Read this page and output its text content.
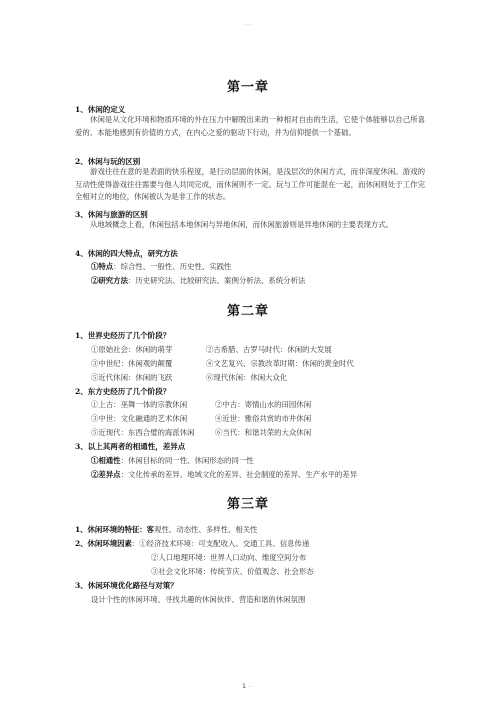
·····
第一章
1、休闲的定义
休闲是从文化环境和物质环境的外在压力中解脱出来的一种相对自由的生活，它使个体能够以自己所喜爱的、本能地感到有价值的方式，在内心之爱的驱动下行动，并为信仰提供一个基础。
2、休闲与玩的区别
游戏往往在意的是表面的快乐程度，是行动层面的休闲，是浅层次的休闲方式，而非深度休闲。游戏的互动性使得游戏往往需要与他人共同完成，而休闲则不一定。玩与工作可能混在一起，而休闲则处于工作完全相对立的地位，休闲被认为是非工作的状态。
3、休闲与旅游的区别
从地域概念上看，休闲包括本地休闲与异地休闲，而休闲旅游则是异地休闲的主要表现方式。
4、休闲的四大特点，研究方法
①特点：综合性、一般性、历史性、实践性
②研究方法：历史研究法、比较研究法、案例分析法、系统分析法
第二章
1、世界史经历了几个阶段？
①原始社会：休闲的萌芽	②古希腊、古罗马时代：休闲的大发展
③中世纪：休闲观的颠覆	④文艺复兴、宗教改革时期：休闲的黄金时代
⑤近代休闲：休闲的飞跃	⑥现代休闲：休闲大众化
2、东方史经历了几个阶段？
①上古：巫舞一体的宗教休闲	②中古：寄情山水的田园休闲
③中世：文化融通的艺术休闲	④近世：雅俗共赏的市井休闲
⑤近现代：东西合璧的海派休闲	⑥当代：和谐共荣的大众休闲
3、以上其两者的相通性，差异点
①相通性：休闲目标的同一性、休闲形态的同一性
②差异点：文化传承的差异、地域文化的差异、社会制度的差异、生产水平的差异
第三章
1、休闲环境的特征：客观性、动态性、多样性、相关性
2、休闲环境因素：①经济技术环境：可支配收入、交通工具、信息传递
②人口地理环境：世界人口动向、维度空间分布
③社会文化环境：传统节庆、价值观念、社会形态
3、休闲环境优化路径与对策？
设计个性的休闲环境、寻找共趣的休闲伙伴、营造和谐的休闲氛围
1 ····
